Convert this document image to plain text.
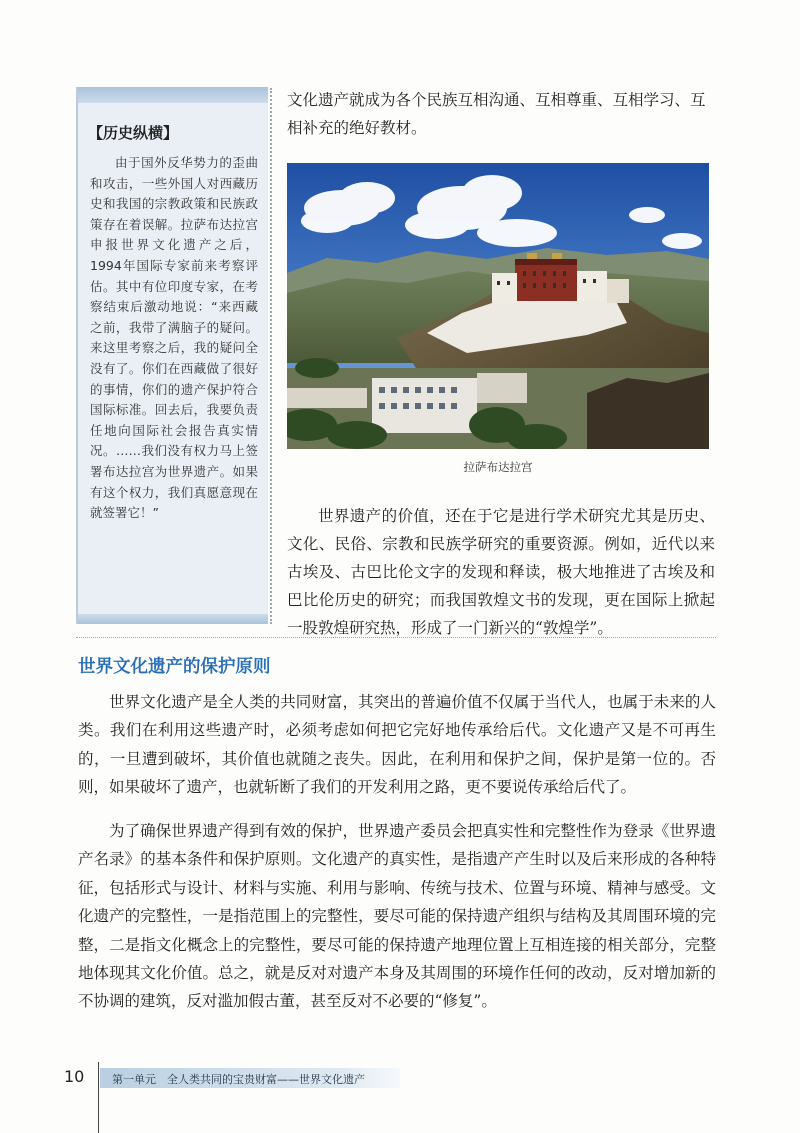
【历史纵横】

由于国外反华势力的歪曲和攻击，一些外国人对西藏历史和我国的宗教政策和民族政策存在着误解。拉萨布达拉宫申报世界文化遗产之后，1994年国际专家前来考察评估。其中有位印度专家，在考察结束后激动地说：“来西藏之前，我带了满脑子的疑问。来这里考察之后，我的疑问全没有了。你们在西藏做了很好的事情，你们的遗产保护符合国际标准。回去后，我要负责任地向国际社会报告真实情况。……我们没有权力马上签署布达拉宫为世界遗产。如果有这个权力，我们真愿意现在就签署它！”

文化遗产就成为各个民族互相沟通、互相尊重、互相学习、互相补充的绝好教材。

拉萨布达拉宫

世界遗产的价值，还在于它是进行学术研究尤其是历史、文化、民俗、宗教和民族学研究的重要资源。例如，近代以来古埃及、古巴比伦文字的发现和释读，极大地推进了古埃及和巴比伦历史的研究；而我国敦煌文书的发现，更在国际上掀起一股敦煌研究热，形成了一门新兴的“敦煌学”。

世界文化遗产的保护原则

世界文化遗产是全人类的共同财富，其突出的普遍价值不仅属于当代人，也属于未来的人类。我们在利用这些遗产时，必须考虑如何把它完好地传承给后代。文化遗产又是不可再生的，一旦遭到破坏，其价值也就随之丧失。因此，在利用和保护之间，保护是第一位的。否则，如果破坏了遗产，也就斩断了我们的开发利用之路，更不要说传承给后代了。

为了确保世界遗产得到有效的保护，世界遗产委员会把真实性和完整性作为登录《世界遗产名录》的基本条件和保护原则。文化遗产的真实性，是指遗产产生时以及后来形成的各种特征，包括形式与设计、材料与实施、利用与影响、传统与技术、位置与环境、精神与感受。文化遗产的完整性，一是指范围上的完整性，要尽可能的保持遗产组织与结构及其周围环境的完整，二是指文化概念上的完整性，要尽可能的保持遗产地理位置上互相连接的相关部分，完整地体现其文化价值。总之，就是反对对遗产本身及其周围的环境作任何的改动，反对增加新的不协调的建筑，反对滥加假古董，甚至反对不必要的“修复”。

10	第一单元　全人类共同的宝贵财富——世界文化遗产
